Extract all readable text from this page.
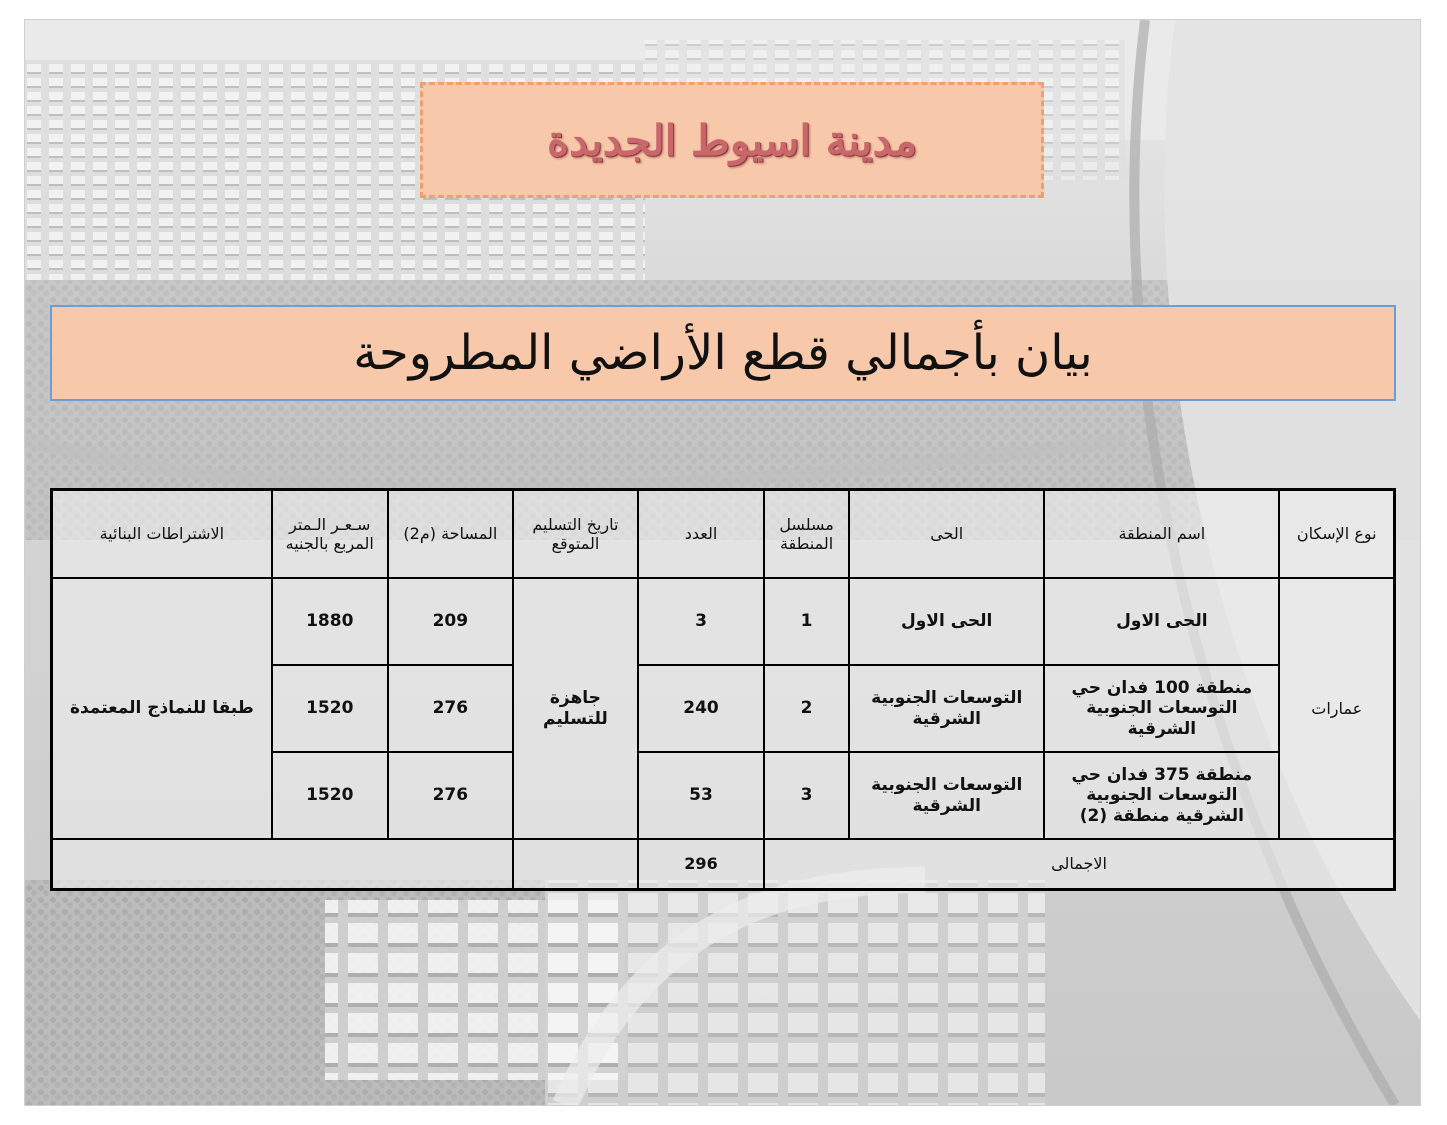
مدينة اسيوط الجديدة
بيان بأجمالي قطع الأراضي المطروحة
نوع الإسكان	اسم المنطقة	الحى	مسلسل المنطقة	العدد	تاريخ التسليم المتوقع	المساحة (م2)	سـعـر الـمتر المربع بالجنيه	الاشتراطات البنائية
عمارات	الحى الاول	الحى الاول	1	3	جاهزة للتسليم	209	1880	طبقا للنماذج المعتمدة
	منطقة 100 فدان حي التوسعات الجنوبية الشرقية	التوسعات الجنوبية الشرقية	2	240		276	1520	
	منطقة 375 فدان حي التوسعات الجنوبية الشرقية منطقة (2)	التوسعات الجنوبية الشرقية	3	53		276	1520	
الاجمالى				296				
